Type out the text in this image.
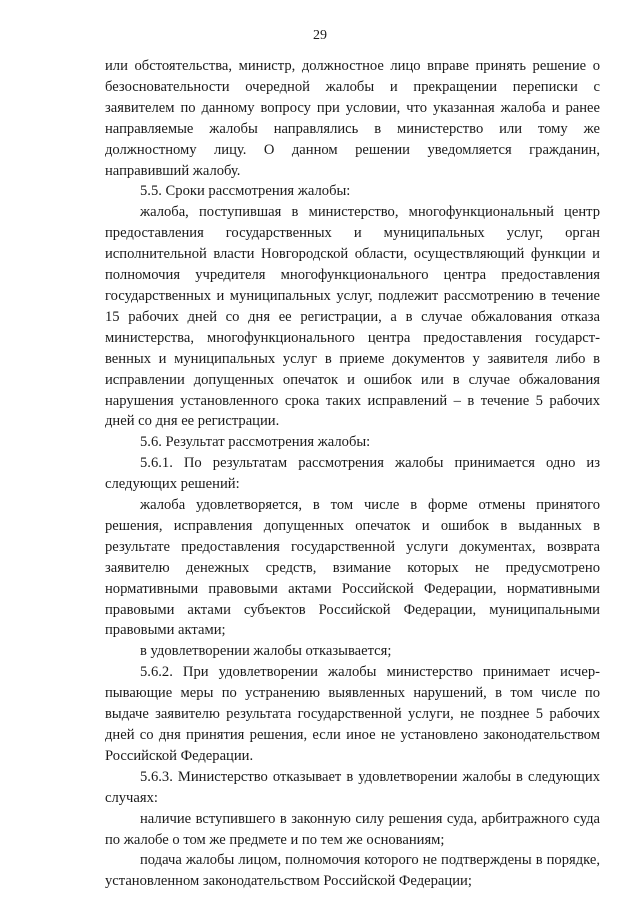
29

или обстоятельства, министр, должностное лицо вправе принять решение о безосновательности очередной жалобы и прекращении переписки с заявителем по данному вопросу при условии, что указанная жалоба и ранее направляемые жалобы направлялись в министерство или тому же должностному лицу. О данном решении уведомляется гражданин, направивший жалобу.

5.5. Сроки рассмотрения жалобы:

жалоба, поступившая в министерство, многофункциональный центр предоставления государственных и муниципальных услуг, орган исполнительной власти Новгородской области, осуществляющий функции и полномочия учредителя многофункционального центра предоставления государственных и муниципальных услуг, подлежит рассмотрению в течение 15 рабочих дней со дня ее регистрации, а в случае обжалования отказа министерства, многофункционального центра предоставления государственных и муниципальных услуг в приеме документов у заявителя либо в исправлении допущенных опечаток и ошибок или в случае обжалования нарушения установленного срока таких исправлений – в течение 5 рабочих дней со дня ее регистрации.

5.6. Результат рассмотрения жалобы:

5.6.1. По результатам рассмотрения жалобы принимается одно из следующих решений:

жалоба удовлетворяется, в том числе в форме отмены принятого решения, исправления допущенных опечаток и ошибок в выданных в результате предоставления государственной услуги документах, возврата заявителю денежных средств, взимание которых не предусмотрено нормативными правовыми актами Российской Федерации, нормативными правовыми актами субъектов Российской Федерации, муниципальными правовыми актами;

в удовлетворении жалобы отказывается;

5.6.2. При удовлетворении жалобы министерство принимает исчерпывающие меры по устранению выявленных нарушений, в том числе по выдаче заявителю результата государственной услуги, не позднее 5 рабочих дней со дня принятия решения, если иное не установлено законодательством Российской Федерации.

5.6.3. Министерство отказывает в удовлетворении жалобы в следующих случаях:

наличие вступившего в законную силу решения суда, арбитражного суда по жалобе о том же предмете и по тем же основаниям;

подача жалобы лицом, полномочия которого не подтверждены в порядке, установленном законодательством Российской Федерации;
